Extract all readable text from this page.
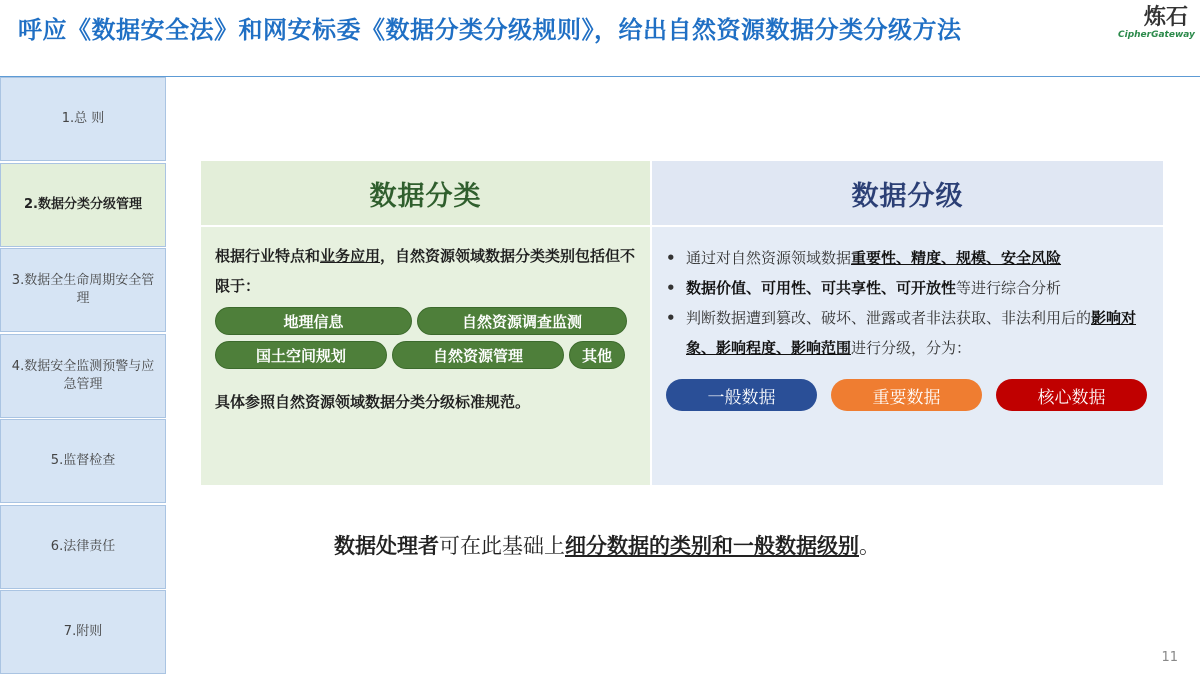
呼应《数据安全法》和网安标委《数据分类分级规则》，给出自然资源数据分类分级方法	炼石
CipherGateway
1.总 则
2.数据分类分级管理
3.数据全生命周期安全管理
4.数据安全监测预警与应急管理
5.监督检查
6.法律责任
7.附则
数据分类
根据行业特点和业务应用，自然资源领域数据分类类别包括但不限于：
地理信息	自然资源调查监测
国土空间规划	自然资源管理	其他
具体参照自然资源领域数据分类分级标准规范。
数据分级
• 通过对自然资源领域数据重要性、精度、规模、安全风险
• 数据价值、可用性、可共享性、可开放性等进行综合分析
• 判断数据遭到篡改、破坏、泄露或者非法获取、非法利用后的影响对象、影响程度、影响范围进行分级，分为：
一般数据	重要数据	核心数据
数据处理者可在此基础上细分数据的类别和一般数据级别。
11
